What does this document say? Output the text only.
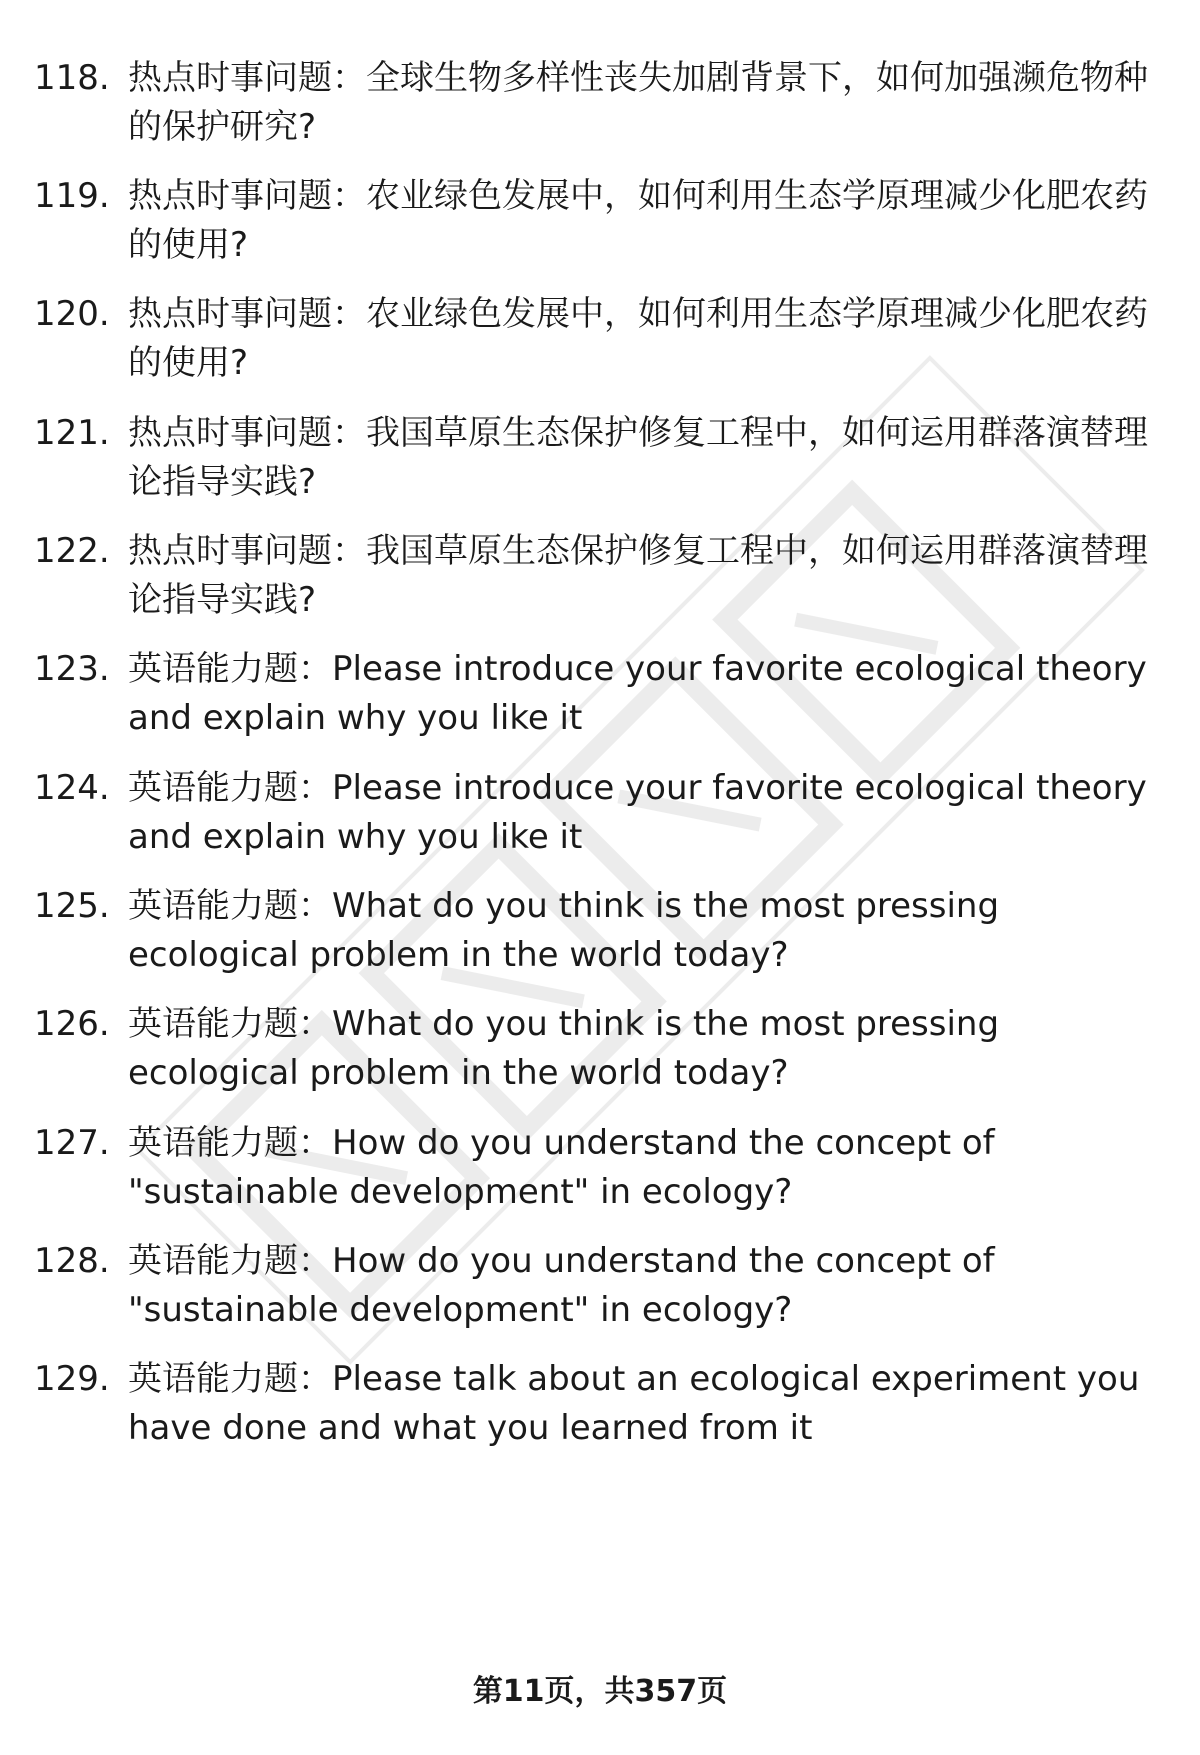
118. 热点时事问题：全球生物多样性丧失加剧背景下，如何加强濒危物种的保护研究?

119. 热点时事问题：农业绿色发展中，如何利用生态学原理减少化肥农药的使用?

120. 热点时事问题：农业绿色发展中，如何利用生态学原理减少化肥农药的使用?

121. 热点时事问题：我国草原生态保护修复工程中，如何运用群落演替理论指导实践?

122. 热点时事问题：我国草原生态保护修复工程中，如何运用群落演替理论指导实践?

123. 英语能力题：Please introduce your favorite ecological theory and explain why you like it

124. 英语能力题：Please introduce your favorite ecological theory and explain why you like it

125. 英语能力题：What do you think is the most pressing ecological problem in the world today?

126. 英语能力题：What do you think is the most pressing ecological problem in the world today?

127. 英语能力题：How do you understand the concept of "sustainable development" in ecology?

128. 英语能力题：How do you understand the concept of "sustainable development" in ecology?

129. 英语能力题：Please talk about an ecological experiment you have done and what you learned from it

第11页，共357页
